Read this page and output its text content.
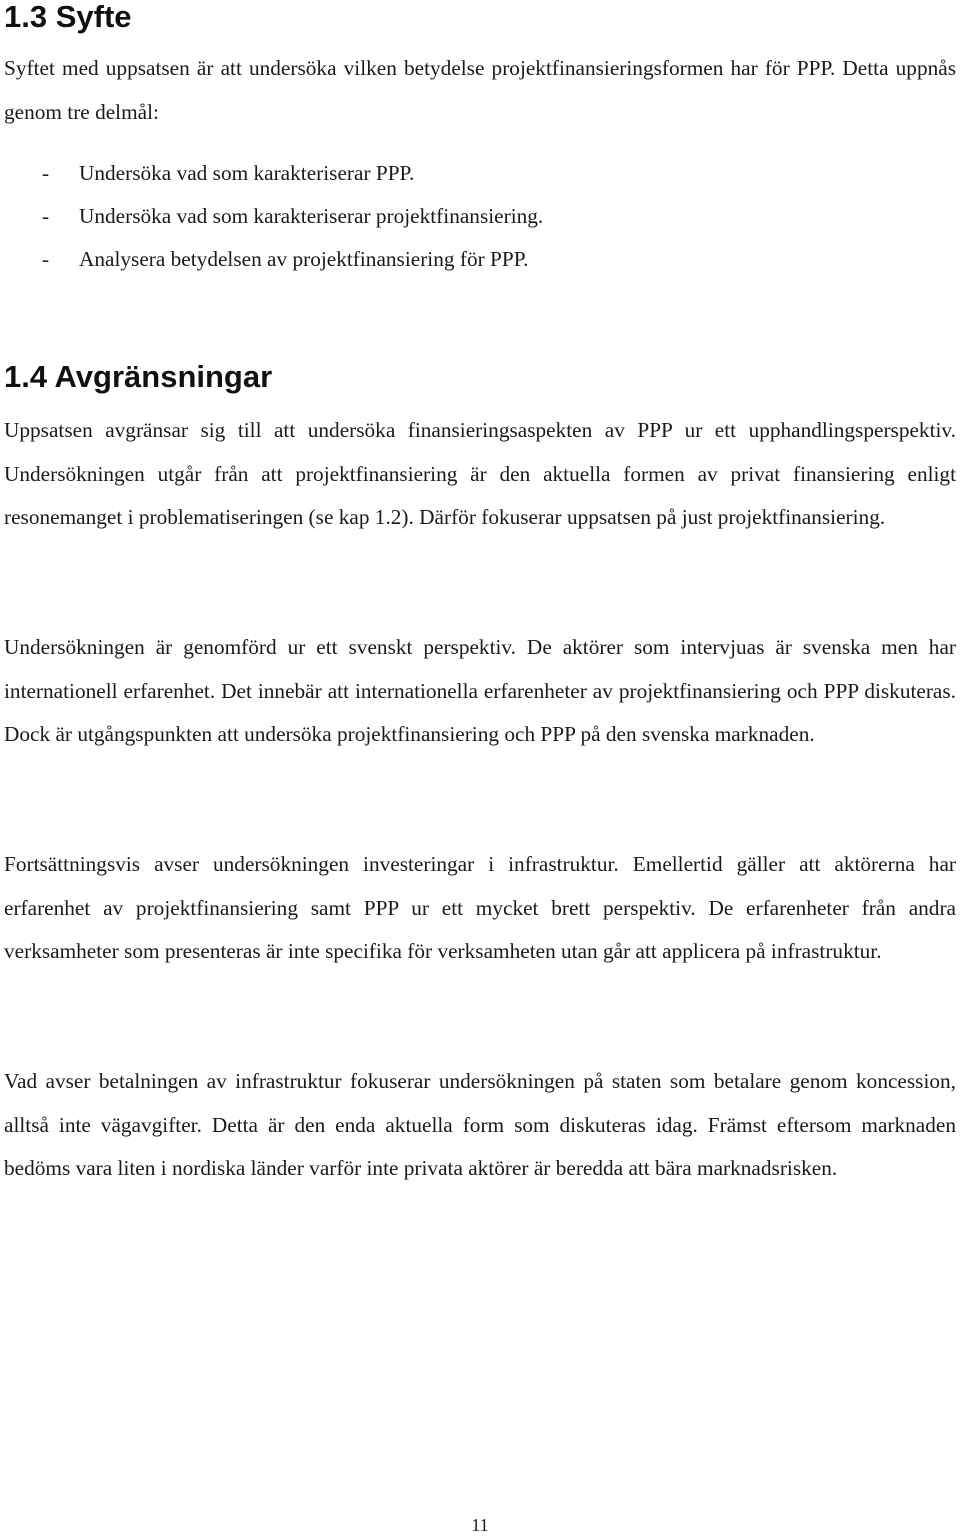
1.3 Syfte

Syftet med uppsatsen är att undersöka vilken betydelse projektfinansieringsformen har för PPP. Detta uppnås genom tre delmål:

- Undersöka vad som karakteriserar PPP.
- Undersöka vad som karakteriserar projektfinansiering.
- Analysera betydelsen av projektfinansiering för PPP.
1.4 Avgränsningar

Uppsatsen avgränsar sig till att undersöka finansieringsaspekten av PPP ur ett upphandlingsperspektiv. Undersökningen utgår från att projektfinansiering är den aktuella formen av privat finansiering enligt resonemanget i problematiseringen (se kap 1.2). Därför fokuserar uppsatsen på just projektfinansiering.

Undersökningen är genomförd ur ett svenskt perspektiv. De aktörer som intervjuas är svenska men har internationell erfarenhet. Det innebär att internationella erfarenheter av projektfinansiering och PPP diskuteras. Dock är utgångspunkten att undersöka projektfinansiering och PPP på den svenska marknaden.

Fortsättningsvis avser undersökningen investeringar i infrastruktur. Emellertid gäller att aktörerna har erfarenhet av projektfinansiering samt PPP ur ett mycket brett perspektiv. De erfarenheter från andra verksamheter som presenteras är inte specifika för verksamheten utan går att applicera på infrastruktur.

Vad avser betalningen av infrastruktur fokuserar undersökningen på staten som betalare genom koncession, alltså inte vägavgifter. Detta är den enda aktuella form som diskuteras idag. Främst eftersom marknaden bedöms vara liten i nordiska länder varför inte privata aktörer är beredda att bära marknadsrisken.

11
